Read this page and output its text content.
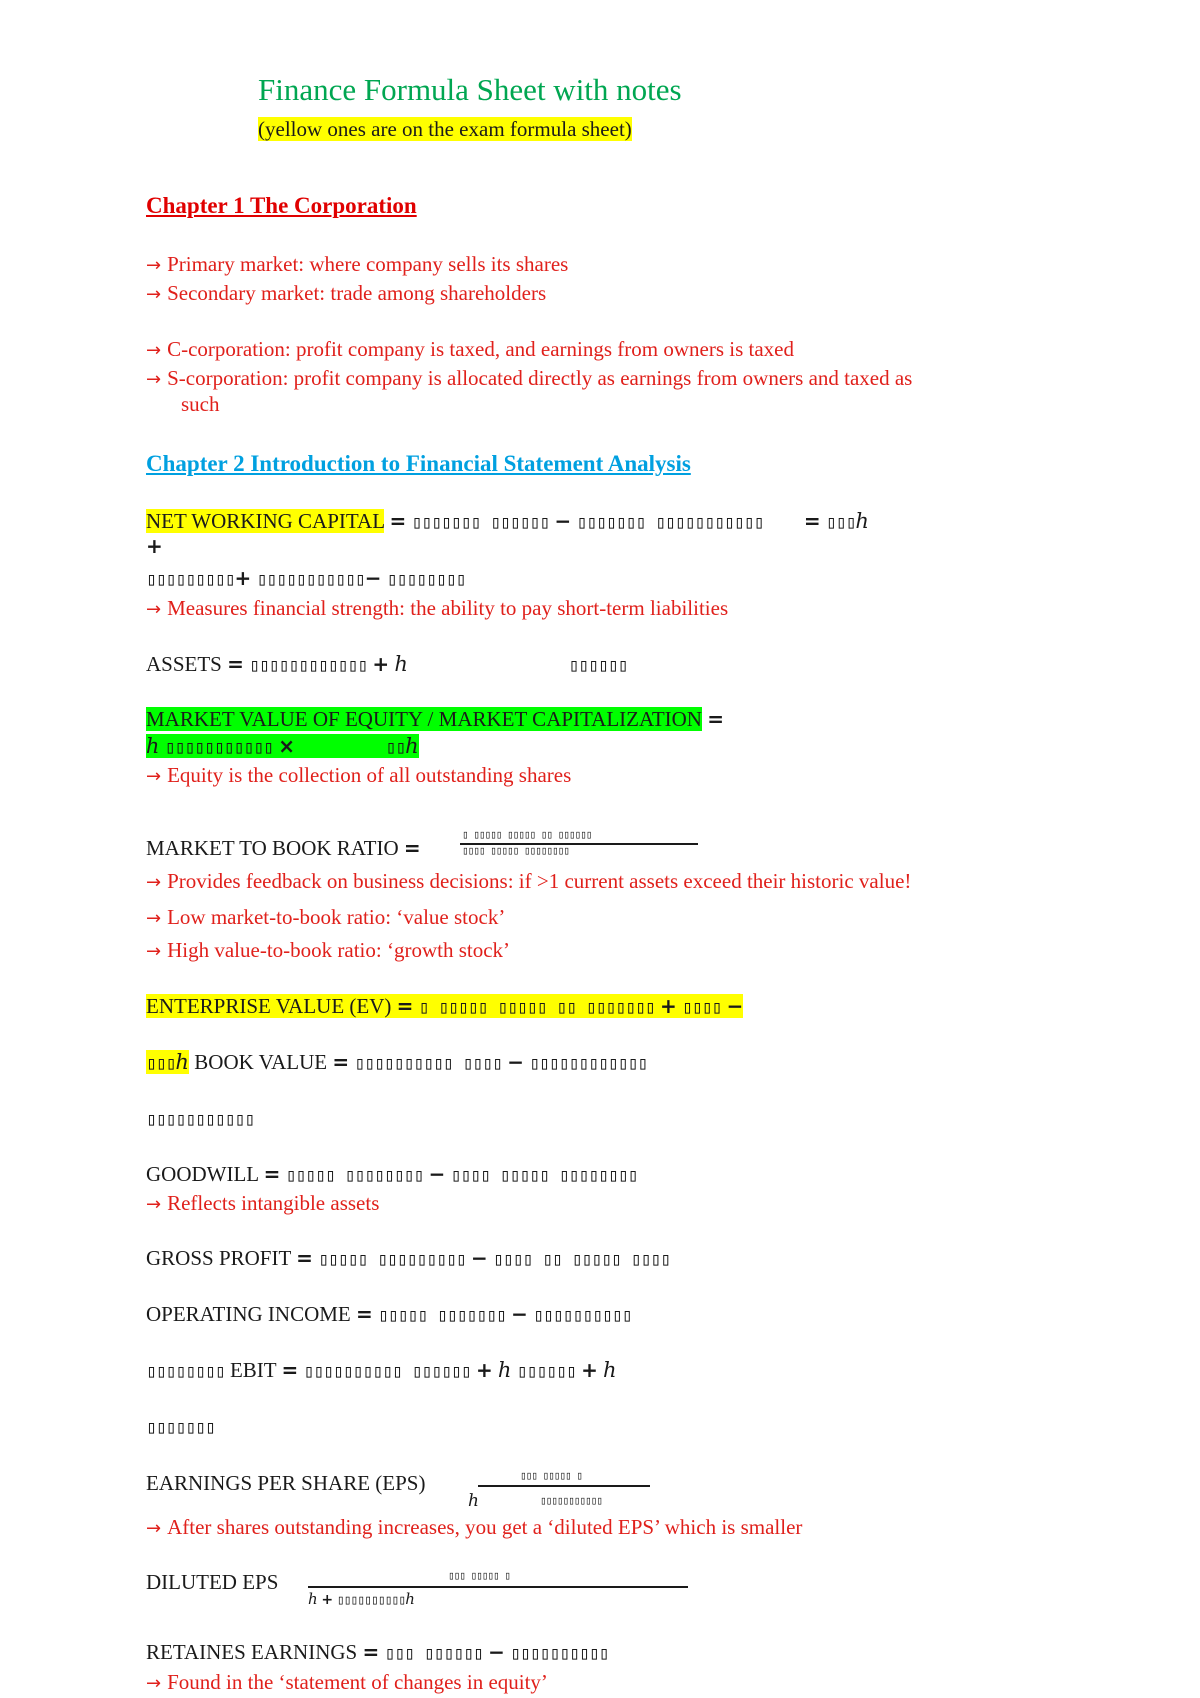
Finance Formula Sheet with notes
(yellow ones are on the exam formula sheet)
Chapter 1 The Corporation
→ Primary market: where company sells its shares
→ Secondary market: trade among shareholders
→ C-corporation: profit company is taxed, and earnings from owners is taxed
→ S-corporation: profit company is allocated directly as earnings from owners and taxed as
such
Chapter 2 Introduction to Financial Statement Analysis
NET WORKING CAPITAL = ▯▯▯▯▯▯▯ ▯▯▯▯▯▯ − ▯▯▯▯▯▯▯ ▯▯▯▯▯▯▯▯▯▯▯ = ▯▯▯ℎ
+
▯▯▯▯▯▯▯▯▯+ ▯▯▯▯▯▯▯▯▯▯▯− ▯▯▯▯▯▯▯▯
→ Measures financial strength: the ability to pay short-term liabilities
ASSETS = ▯▯▯▯▯▯▯▯▯▯▯▯ + ℎ	▯▯▯▯▯▯
MARKET VALUE OF EQUITY / MARKET CAPITALIZATION =
ℎ ▯▯▯▯▯▯▯▯▯▯▯ ×	▯▯ℎ
→ Equity is the collection of all outstanding shares
MARKET TO BOOK RATIO =
▯ ▯▯▯▯▯ ▯▯▯▯▯ ▯▯ ▯▯▯▯▯▯
▯▯▯▯ ▯▯▯▯▯ ▯▯▯▯▯▯▯▯
→ Provides feedback on business decisions: if >1 current assets exceed their historic value!
→ Low market-to-book ratio: ‘value stock’
→ High value-to-book ratio: ‘growth stock’
ENTERPRISE VALUE (EV) = ▯ ▯▯▯▯▯ ▯▯▯▯▯ ▯▯ ▯▯▯▯▯▯▯ + ▯▯▯▯ −
▯▯▯ℎ BOOK VALUE = ▯▯▯▯▯▯▯▯▯▯ ▯▯▯▯ − ▯▯▯▯▯▯▯▯▯▯▯▯
▯▯▯▯▯▯▯▯▯▯▯
GOODWILL = ▯▯▯▯▯ ▯▯▯▯▯▯▯▯ − ▯▯▯▯ ▯▯▯▯▯ ▯▯▯▯▯▯▯▯
→ Reflects intangible assets
GROSS PROFIT = ▯▯▯▯▯ ▯▯▯▯▯▯▯▯▯ − ▯▯▯▯ ▯▯ ▯▯▯▯▯ ▯▯▯▯
OPERATING INCOME = ▯▯▯▯▯ ▯▯▯▯▯▯▯ − ▯▯▯▯▯▯▯▯▯▯
▯▯▯▯▯▯▯▯ EBIT = ▯▯▯▯▯▯▯▯▯▯ ▯▯▯▯▯▯ + ℎ ▯▯▯▯▯▯ + ℎ
▯▯▯▯▯▯▯
EARNINGS PER SHARE (EPS)	▯▯▯ ▯▯▯▯▯ ▯
ℎ	▯▯▯▯▯▯▯▯▯▯▯
→ After shares outstanding increases, you get a ‘diluted EPS’ which is smaller
DILUTED EPS	▯▯▯ ▯▯▯▯▯ ▯
ℎ + ▯▯▯▯▯▯▯▯▯▯ℎ
RETAINES EARNINGS = ▯▯▯ ▯▯▯▯▯▯ − ▯▯▯▯▯▯▯▯▯▯
→ Found in the ‘statement of changes in equity’
